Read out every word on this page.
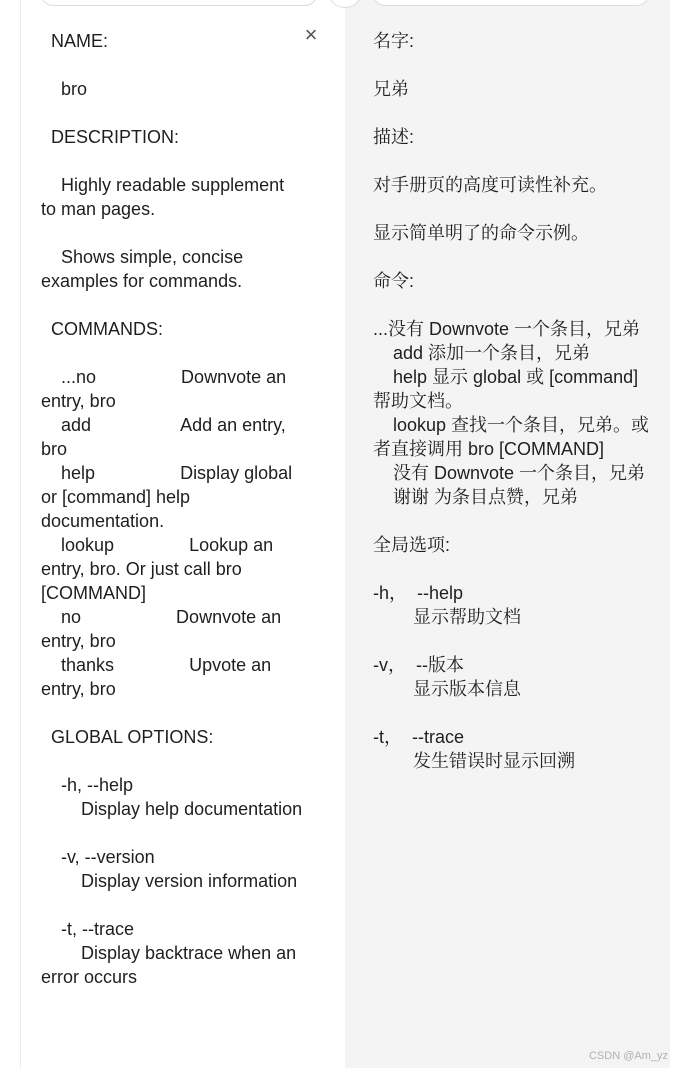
×
NAME:

bro

DESCRIPTION:

Highly readable supplement to man pages.

Shows simple, concise examples for commands.

COMMANDS:

...no                 Downvote an entry, bro
add                  Add an entry, bro
help                 Display global or [command] help documentation.
lookup               Lookup an entry, bro. Or just call bro [COMMAND]
no                   Downvote an entry, bro
thanks               Upvote an entry, bro

GLOBAL OPTIONS:

-h, --help
Display help documentation

-v, --version
Display version information

-t, --trace
Display backtrace when an error occurs
名字:

兄弟

描述:

对手册页的高度可读性补充。

显示简单明了的命令示例。

命令:

...没有 Downvote 一个条目，兄弟
add 添加一个条目，兄弟
help 显示 global 或 [command] 帮助文档。
lookup 查找一个条目，兄弟。或者直接调用 bro [COMMAND]
没有 Downvote 一个条目，兄弟
谢谢 为条目点赞，兄弟

全局选项:

-h，  --help
显示帮助文档

-v，  --版本
显示版本信息

-t，  --trace
发生错误时显示回溯
CSDN @Am_yz
